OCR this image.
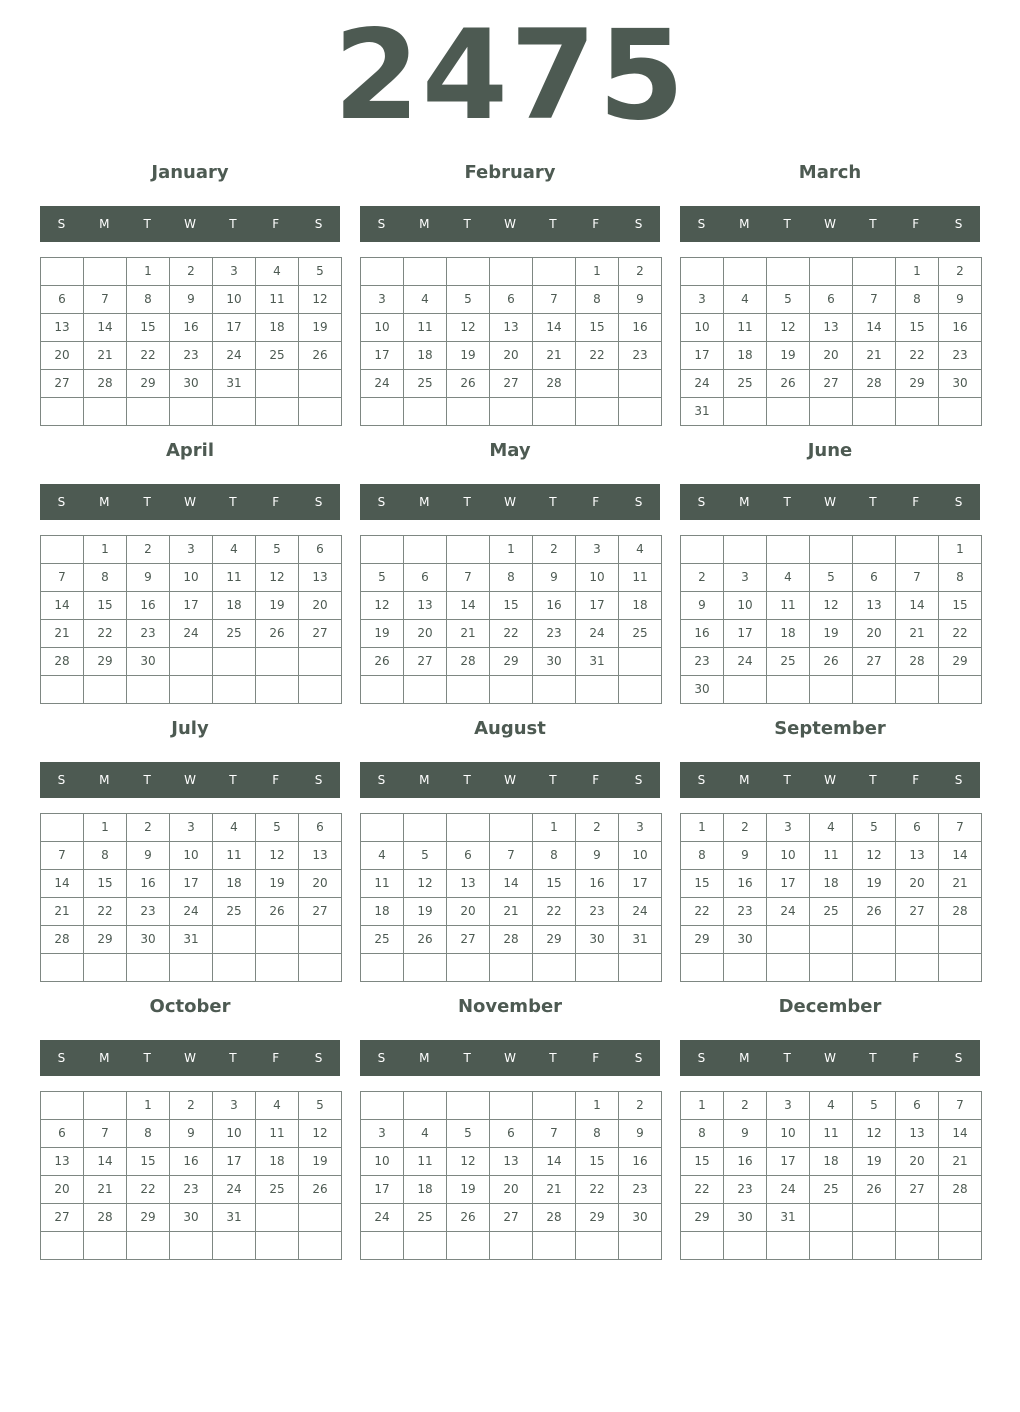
2475
January
S	M	T	W	T	F	S
		1	2	3	4	5
6	7	8	9	10	11	12
13	14	15	16	17	18	19
20	21	22	23	24	25	26
27	28	29	30	31		

February
S	M	T	W	T	F	S
					1	2
3	4	5	6	7	8	9
10	11	12	13	14	15	16
17	18	19	20	21	22	23
24	25	26	27	28		

March
S	M	T	W	T	F	S
					1	2
3	4	5	6	7	8	9
10	11	12	13	14	15	16
17	18	19	20	21	22	23
24	25	26	27	28	29	30
31						
April
S	M	T	W	T	F	S
	1	2	3	4	5	6
7	8	9	10	11	12	13
14	15	16	17	18	19	20
21	22	23	24	25	26	27
28	29	30				

May
S	M	T	W	T	F	S
			1	2	3	4
5	6	7	8	9	10	11
12	13	14	15	16	17	18
19	20	21	22	23	24	25
26	27	28	29	30	31	

June
S	M	T	W	T	F	S
						1
2	3	4	5	6	7	8
9	10	11	12	13	14	15
16	17	18	19	20	21	22
23	24	25	26	27	28	29
30						
July
S	M	T	W	T	F	S
	1	2	3	4	5	6
7	8	9	10	11	12	13
14	15	16	17	18	19	20
21	22	23	24	25	26	27
28	29	30	31			

August
S	M	T	W	T	F	S
				1	2	3
4	5	6	7	8	9	10
11	12	13	14	15	16	17
18	19	20	21	22	23	24
25	26	27	28	29	30	31

September
S	M	T	W	T	F	S
1	2	3	4	5	6	7
8	9	10	11	12	13	14
15	16	17	18	19	20	21
22	23	24	25	26	27	28
29	30					

October
S	M	T	W	T	F	S
		1	2	3	4	5
6	7	8	9	10	11	12
13	14	15	16	17	18	19
20	21	22	23	24	25	26
27	28	29	30	31		

November
S	M	T	W	T	F	S
					1	2
3	4	5	6	7	8	9
10	11	12	13	14	15	16
17	18	19	20	21	22	23
24	25	26	27	28	29	30

December
S	M	T	W	T	F	S
1	2	3	4	5	6	7
8	9	10	11	12	13	14
15	16	17	18	19	20	21
22	23	24	25	26	27	28
29	30	31				
